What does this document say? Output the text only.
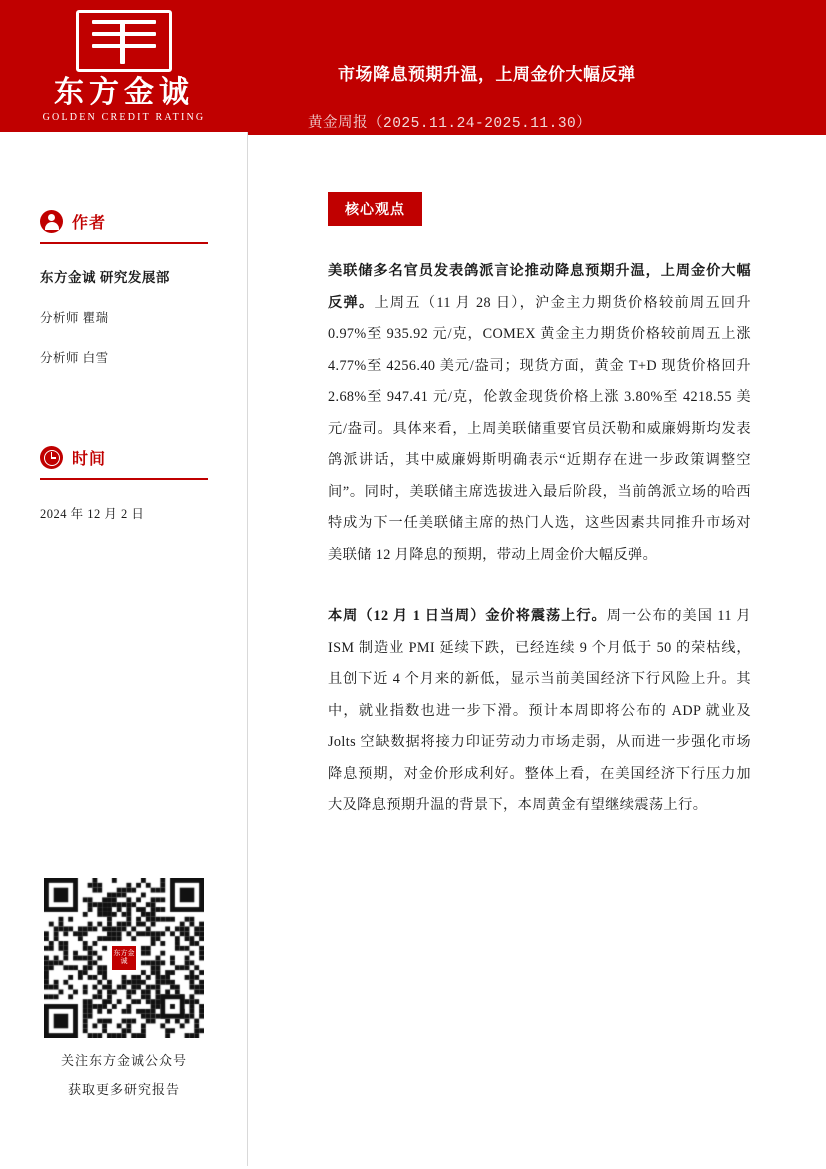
东方金诚
GOLDEN CREDIT RATING
市场降息预期升温，上周金价大幅反弹
黄金周报（2025.11.24-2025.11.30）
作者
东方金诚 研究发展部
分析师 瞿瑞
分析师 白雪
时间
2024 年 12 月 2 日
东方金诚
关注东方金诚公众号
获取更多研究报告
核心观点

美联储多名官员发表鸽派言论推动降息预期升温，上周金价大幅反弹。上周五（11 月 28 日），沪金主力期货价格较前周五回升 0.97%至 935.92 元/克，COMEX 黄金主力期货价格较前周五上涨 4.77%至 4256.40 美元/盎司；现货方面，黄金 T+D 现货价格回升 2.68%至 947.41 元/克，伦敦金现货价格上涨 3.80%至 4218.55 美元/盎司。具体来看，上周美联储重要官员沃勒和威廉姆斯均发表鸽派讲话，其中威廉姆斯明确表示“近期存在进一步政策调整空间”。同时，美联储主席选拔进入最后阶段，当前鸽派立场的哈西特成为下一任美联储主席的热门人选，这些因素共同推升市场对美联储 12 月降息的预期，带动上周金价大幅反弹。

本周（12 月 1 日当周）金价将震荡上行。周一公布的美国 11 月 ISM 制造业 PMI 延续下跌，已经连续 9 个月低于 50 的荣枯线，且创下近 4 个月来的新低，显示当前美国经济下行风险上升。其中，就业指数也进一步下滑。预计本周即将公布的 ADP 就业及 Jolts 空缺数据将接力印证劳动力市场走弱，从而进一步强化市场降息预期，对金价形成利好。整体上看，在美国经济下行压力加大及降息预期升温的背景下，本周黄金有望继续震荡上行。
